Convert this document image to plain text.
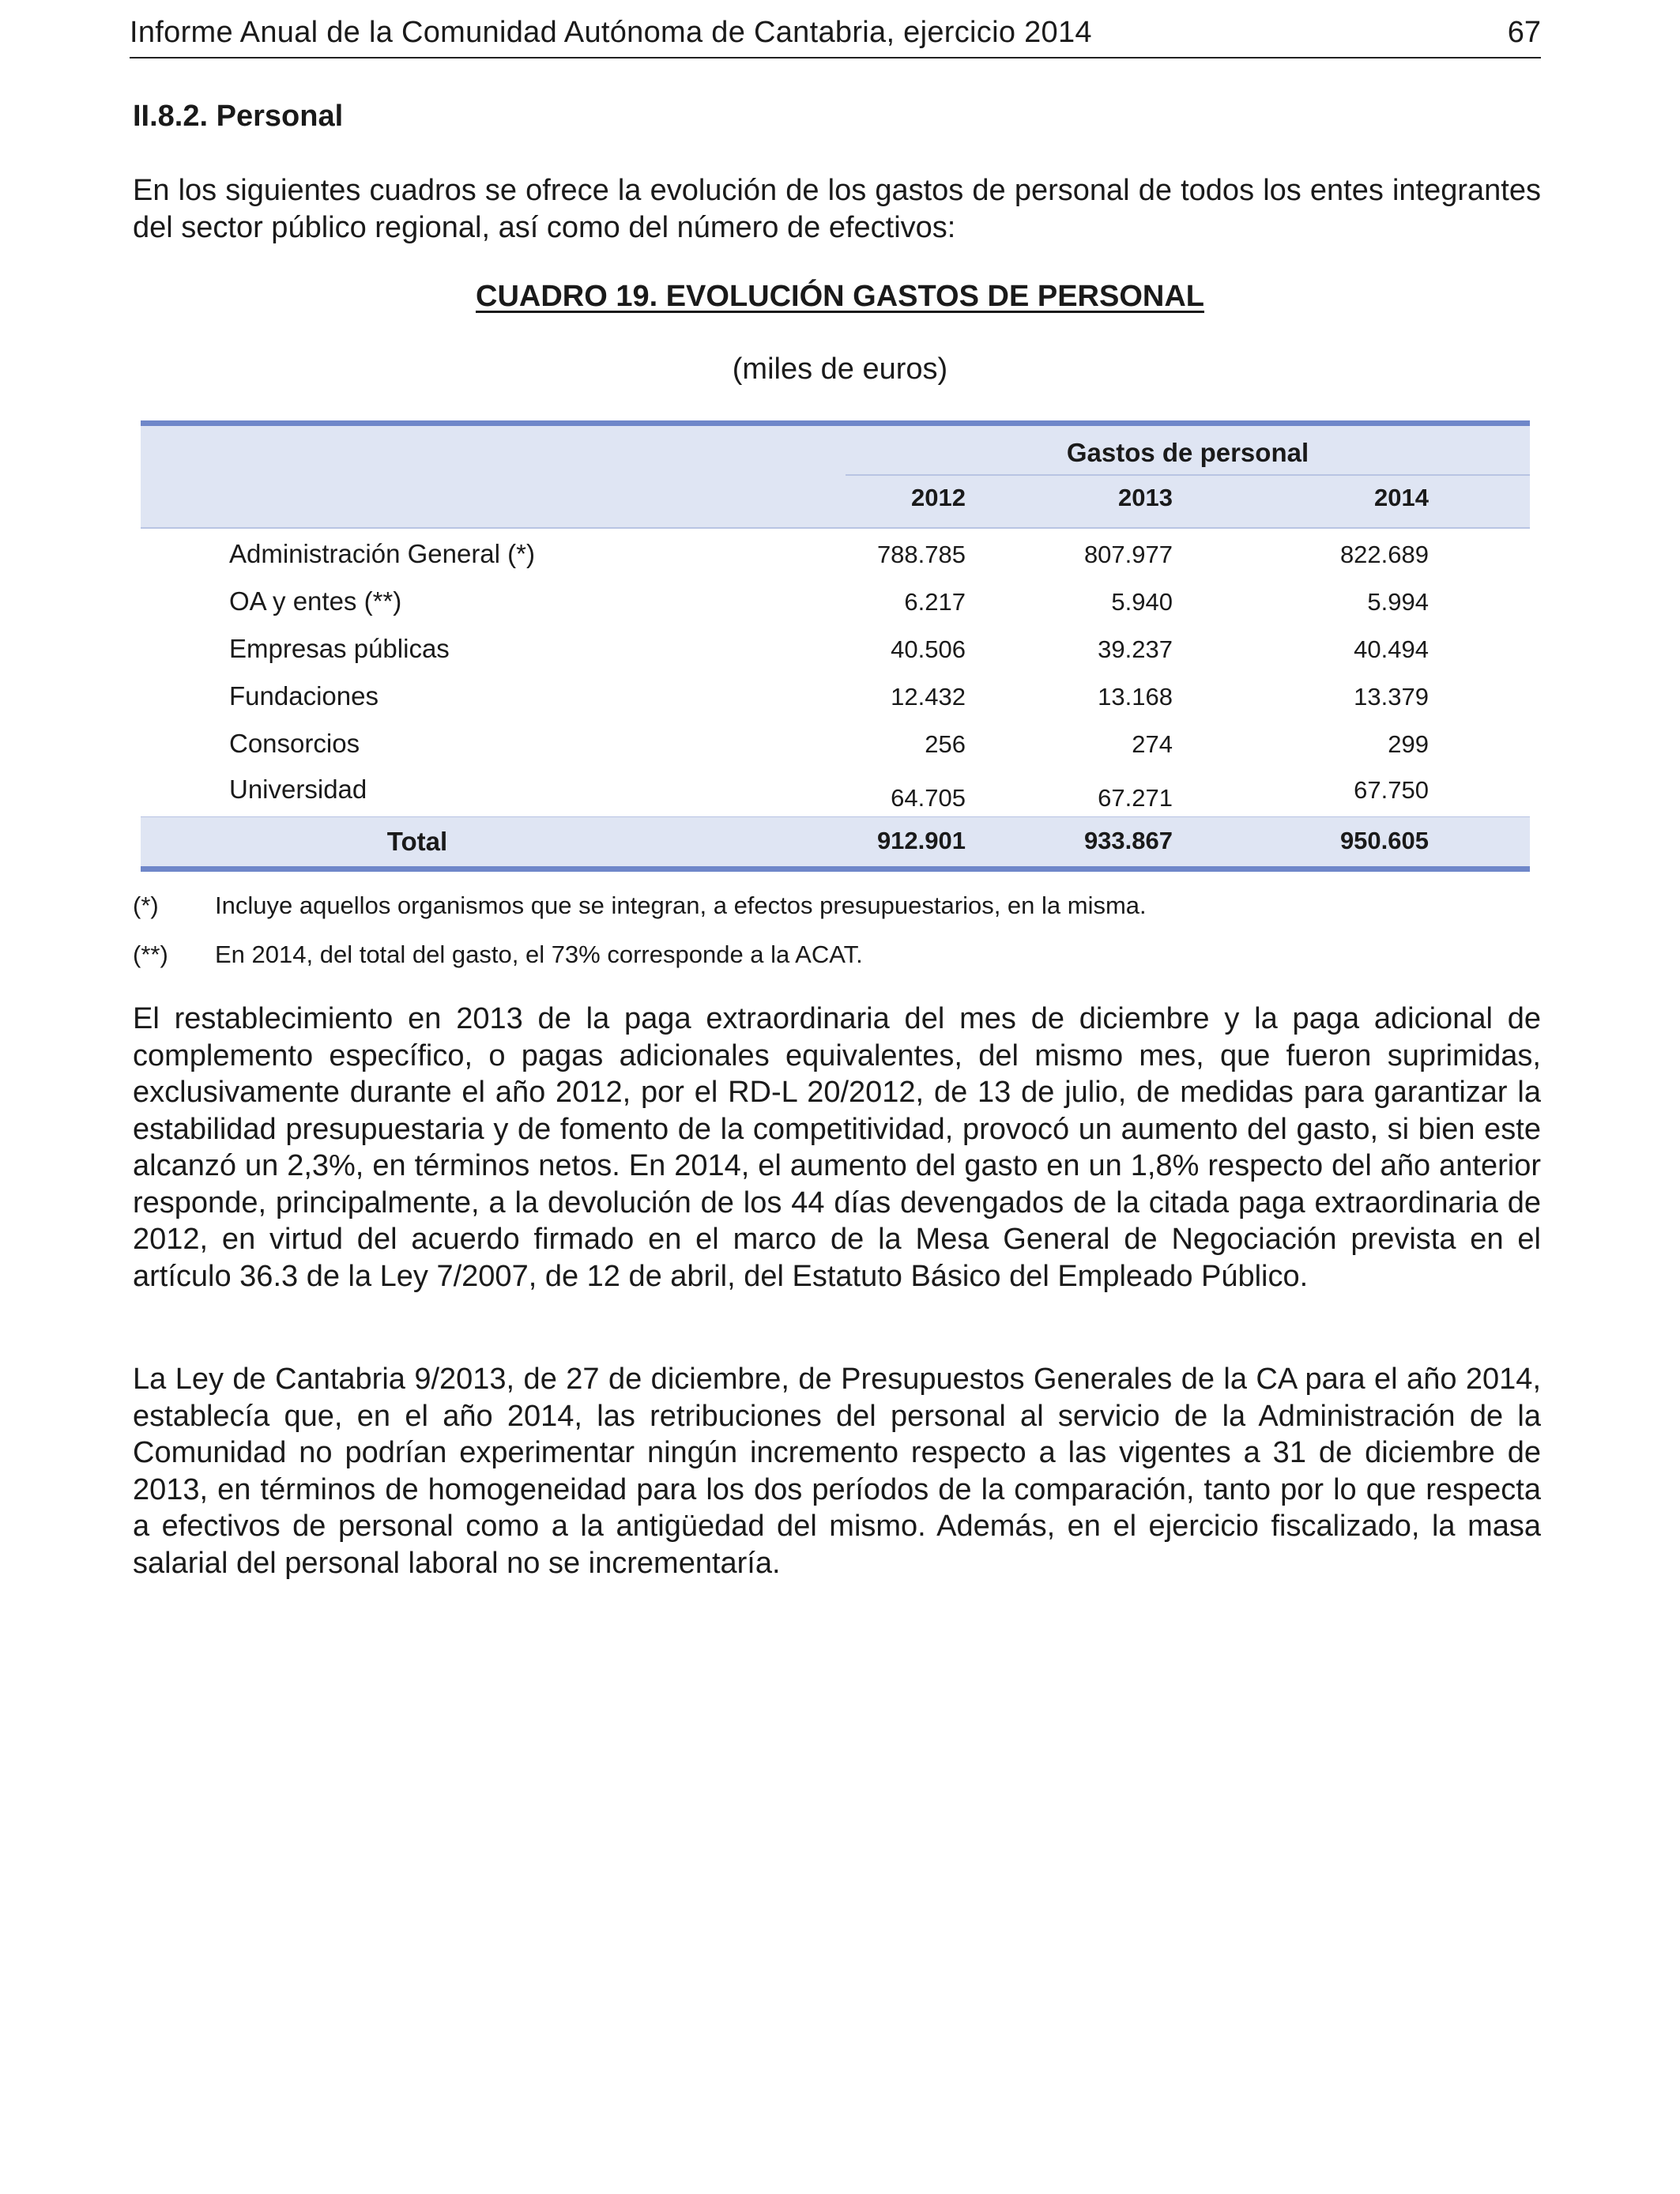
Informe Anual de la Comunidad Autónoma de Cantabria, ejercicio 2014	67
II.8.2. Personal
En los siguientes cuadros se ofrece la evolución de los gastos de personal de todos los entes integrantes del sector público regional, así como del número de efectivos:
CUADRO 19. EVOLUCIÓN GASTOS DE PERSONAL
(miles de euros)
Gastos de personal
2012	2013	2014
Administración General (*)	788.785	807.977	822.689
OA y entes (**)	6.217	5.940	5.994
Empresas públicas	40.506	39.237	40.494
Fundaciones	12.432	13.168	13.379
Consorcios	256	274	299
Universidad	64.705	67.271	67.750
Total	912.901	933.867	950.605
(*) Incluye aquellos organismos que se integran, a efectos presupuestarios, en la misma.
(**) En 2014, del total del gasto, el 73% corresponde a la ACAT.
El restablecimiento en 2013 de la paga extraordinaria del mes de diciembre y la paga adicional de complemento específico, o pagas adicionales equivalentes, del mismo mes, que fueron suprimidas, exclusivamente durante el año 2012, por el RD-L 20/2012, de 13 de julio, de medidas para garantizar la estabilidad presupuestaria y de fomento de la competitividad, provocó un aumento del gasto, si bien este alcanzó un 2,3%, en términos netos. En 2014, el aumento del gasto en un 1,8% respecto del año anterior responde, principalmente, a la devolución de los 44 días devengados de la citada paga extraordinaria de 2012, en virtud del acuerdo firmado en el marco de la Mesa General de Negociación prevista en el artículo 36.3 de la Ley 7/2007, de 12 de abril, del Estatuto Básico del Empleado Público.
La Ley de Cantabria 9/2013, de 27 de diciembre, de Presupuestos Generales de la CA para el año 2014, establecía que, en el año 2014, las retribuciones del personal al servicio de la Administración de la Comunidad no podrían experimentar ningún incremento respecto a las vigentes a 31 de diciembre de 2013, en términos de homogeneidad para los dos períodos de la comparación, tanto por lo que respecta a efectivos de personal como a la antigüedad del mismo. Además, en el ejercicio fiscalizado, la masa salarial del personal laboral no se incrementaría.
